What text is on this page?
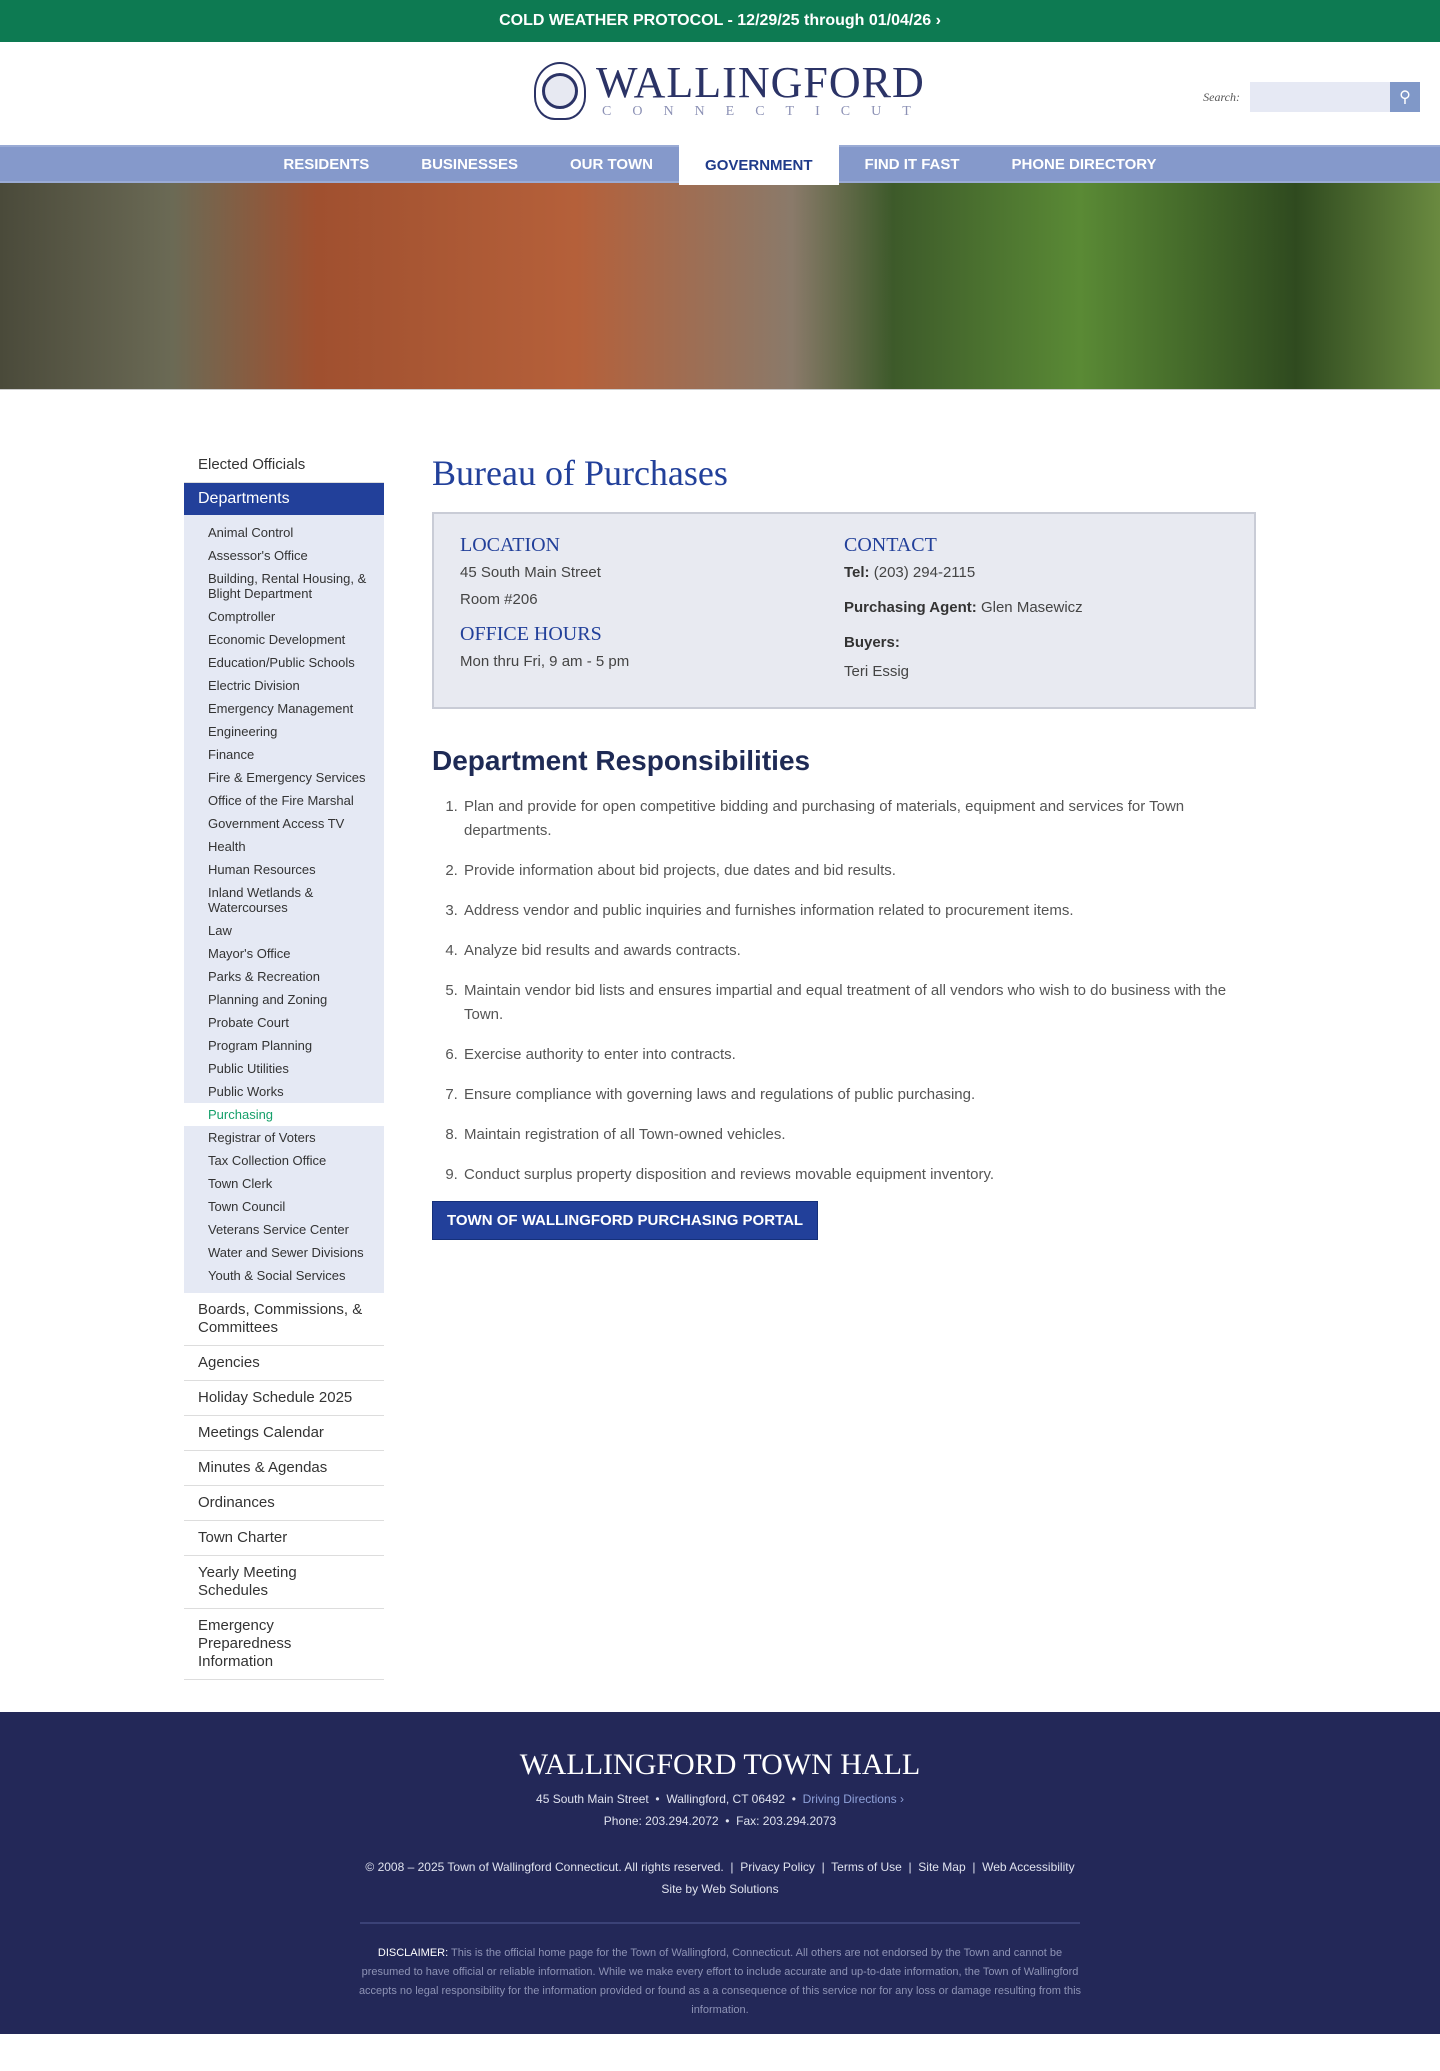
COLD WEATHER PROTOCOL - 12/29/25 through 01/04/26 ›
WALLINGFORD
CONNECTICUT
Search:	⚲
RESIDENTS	BUSINESSES	OUR TOWN	GOVERNMENT	FIND IT FAST	PHONE DIRECTORY
Elected Officials
Departments
Animal Control
Assessor's Office
Building, Rental Housing, & Blight Department
Comptroller
Economic Development
Education/Public Schools
Electric Division
Emergency Management
Engineering
Finance
Fire & Emergency Services
Office of the Fire Marshal
Government Access TV
Health
Human Resources
Inland Wetlands & Watercourses
Law
Mayor's Office
Parks & Recreation
Planning and Zoning
Probate Court
Program Planning
Public Utilities
Public Works
Purchasing
Registrar of Voters
Tax Collection Office
Town Clerk
Town Council
Veterans Service Center
Water and Sewer Divisions
Youth & Social Services
Boards, Commissions, & Committees
Agencies
Holiday Schedule 2025
Meetings Calendar
Minutes & Agendas
Ordinances
Town Charter
Yearly Meeting Schedules
Emergency Preparedness Information
Bureau of Purchases
LOCATION

45 South Main Street

Room #206

OFFICE HOURS

Mon thru Fri, 9 am - 5 pm

CONTACT

Tel: (203) 294-2115

Purchasing Agent: Glen Masewicz

Buyers:

Teri Essig

Department Responsibilities
1. Plan and provide for open competitive bidding and purchasing of materials, equipment and services for Town departments.
2. Provide information about bid projects, due dates and bid results.
3. Address vendor and public inquiries and furnishes information related to procurement items.
4. Analyze bid results and awards contracts.
5. Maintain vendor bid lists and ensures impartial and equal treatment of all vendors who wish to do business with the Town.
6. Exercise authority to enter into contracts.
7. Ensure compliance with governing laws and regulations of public purchasing.
8. Maintain registration of all Town-owned vehicles.
9. Conduct surplus property disposition and reviews movable equipment inventory.
TOWN OF WALLINGFORD PURCHASING PORTAL
WALLINGFORD TOWN HALL
45 South Main Street  •  Wallingford, CT 06492  •  Driving Directions ›
Phone: 203.294.2072  •  Fax: 203.294.2073
© 2008 – 2025 Town of Wallingford Connecticut. All rights reserved.  |  Privacy Policy  |  Terms of Use  |  Site Map  |  Web Accessibility
Site by Web Solutions
DISCLAIMER: This is the official home page for the Town of Wallingford, Connecticut. All others are not endorsed by the Town and cannot be presumed to have official or reliable information. While we make every effort to include accurate and up-to-date information, the Town of Wallingford accepts no legal responsibility for the information provided or found as a a consequence of this service nor for any loss or damage resulting from this information.
